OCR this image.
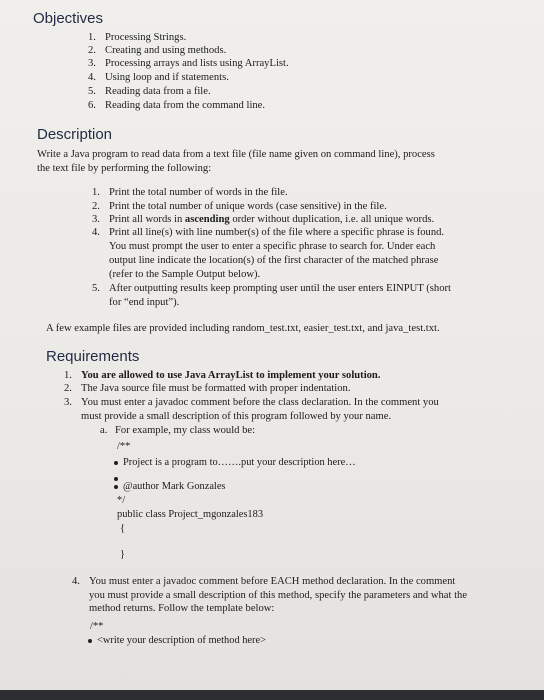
Objectives
1. Processing Strings.
2. Creating and using methods.
3. Processing arrays and lists using ArrayList.
4. Using loop and if statements.
5. Reading data from a file.
6. Reading data from the command line.
Description
Write a Java program to read data from a text file (file name given on command line), process
the text file by performing the following:
1. Print the total number of words in the file.
2. Print the total number of unique words (case sensitive) in the file.
3. Print all words in ascending order without duplication, i.e. all unique words.
4. Print all line(s) with line number(s) of the file where a specific phrase is found.
You must prompt the user to enter a specific phrase to search for. Under each
output line indicate the location(s) of the first character of the matched phrase
(refer to the Sample Output below).
5. After outputting results keep prompting user until the user enters EINPUT (short
for “end input”).
A few example files are provided including random_test.txt, easier_test.txt, and java_test.txt.
Requirements
1. You are allowed to use Java ArrayList to implement your solution.
2. The Java source file must be formatted with proper indentation.
3. You must enter a javadoc comment before the class declaration. In the comment you
must provide a small description of this program followed by your name.
a. For example, my class would be:
/**
Project is a program to…….put your description here…
@author Mark Gonzales
*/
public class Project_mgonzales183
{
}
4. You must enter a javadoc comment before EACH method declaration. In the comment
you must provide a small description of this method, specify the parameters and what the
method returns. Follow the template below:
/**
<write your description of method here>
